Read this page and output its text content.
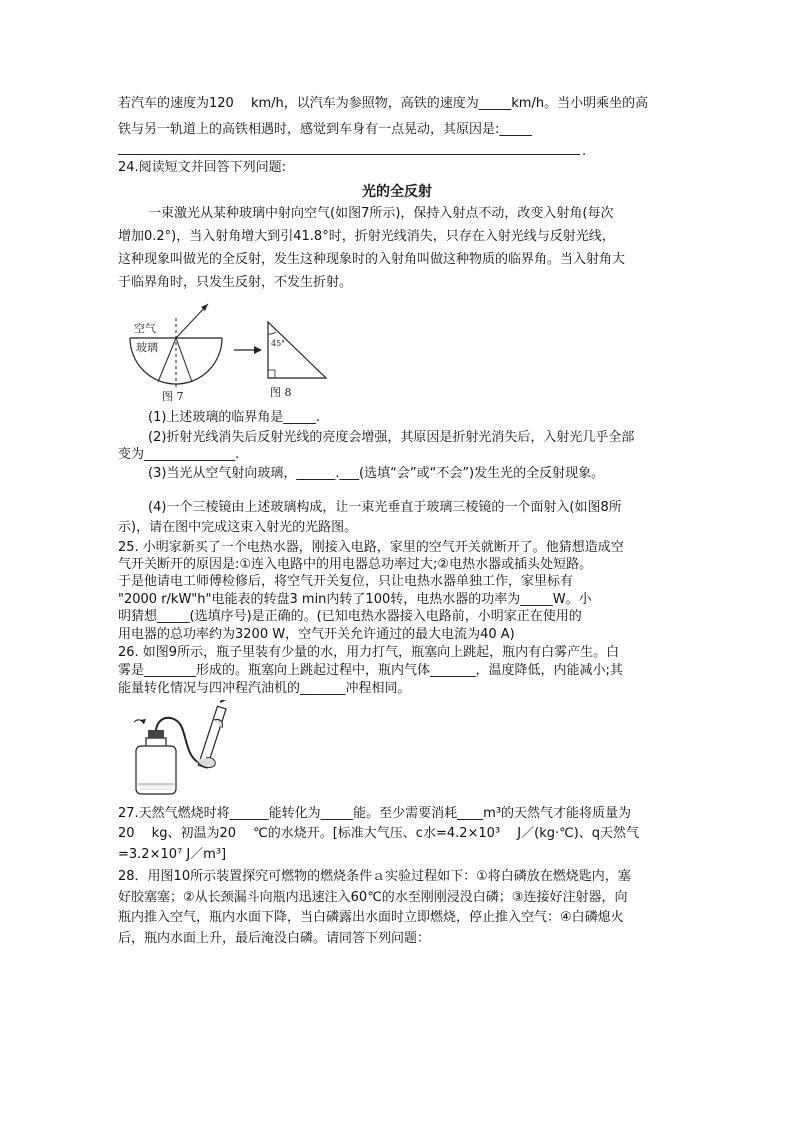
若汽车的速度为120　 km/h，以汽车为参照物，高铁的速度为_____km/h。当小明乘坐的高
铁与另一轨道上的高铁相遇时，感觉到车身有一点晃动，其原因是:_____
.
24.阅读短文并回答下列问题:
光的全反射
一束激光从某种玻璃中射向空气(如图7所示)，保持入射点不动，改变入射角(每次
增加0.2°)，当入射角增大到引41.8°时，折射光线消失，只存在入射光线与反射光线，
这种现象叫做光的全反射，发生这种现象时的入射角叫做这种物质的临界角。当入射角大
于临界角时，只发生反射，不发生折射。
空气
玻璃
图 7
45°
图 8
(1)上述玻璃的临界角是_____.
(2)折射光线消失后反射光线的亮度会增强，其原因是折射光消失后，入射光几乎全部
变为______________.
(3)当光从空气射向玻璃，______.___(选填“会”或“不会”)发生光的全反射现象。
(4)一个三棱镜由上述玻璃构成，让一束光垂直于玻璃三棱镜的一个面射入(如图8所
示)，请在图中完成这束入射光的光路图。
25. 小明家新买了一个电热水器，刚接入电路，家里的空气开关就断开了。他猜想造成空
气开关断开的原因是:①连入电路中的用电器总功率过大;②电热水器或插头处短路。
于是他请电工师傅检修后，将空气开关复位，只让电热水器单独工作，家里标有
"2000 r/kW"h"电能表的转盘3 min内转了100转，电热水器的功率为_____W。小
明猜想_____(选填序号)是正确的。(已知电热水器接入电路前，小明家正在使用的
用电器的总功率约为3200 W，空气开关允许通过的最大电流为40 A)
26. 如图9所示，瓶子里装有少量的水，用力打气，瓶塞向上跳起，瓶内有白雾产生。白
雾是________形成的。瓶塞向上跳起过程中，瓶内气体_______，温度降低，内能减小;其
能量转化情况与四冲程汽油机的_______冲程相同。
27.天然气燃烧时将______能转化为_____能。至少需要消耗____m³的天然气才能将质量为
20　 kg、初温为20　 ℃的水烧开。[标准大气压、c水=4.2×10³　 J／(kg·℃)、q天然气
=3.2×10⁷ J／m³]
28．用图10所示装置探究可燃物的燃烧条件ａ实验过程如下：①将白磷放在燃烧匙内，塞
好胶塞塞；②从长颈漏斗向瓶内迅速注入60℃的水至刚刚浸没白磷；③连接好注射器，向
瓶内推入空气，瓶内水面下降，当白磷露出水面时立即燃烧，停止推入空气：④白磷熄火
后，瓶内水面上升，最后淹没白磷。请同答下列问题：
